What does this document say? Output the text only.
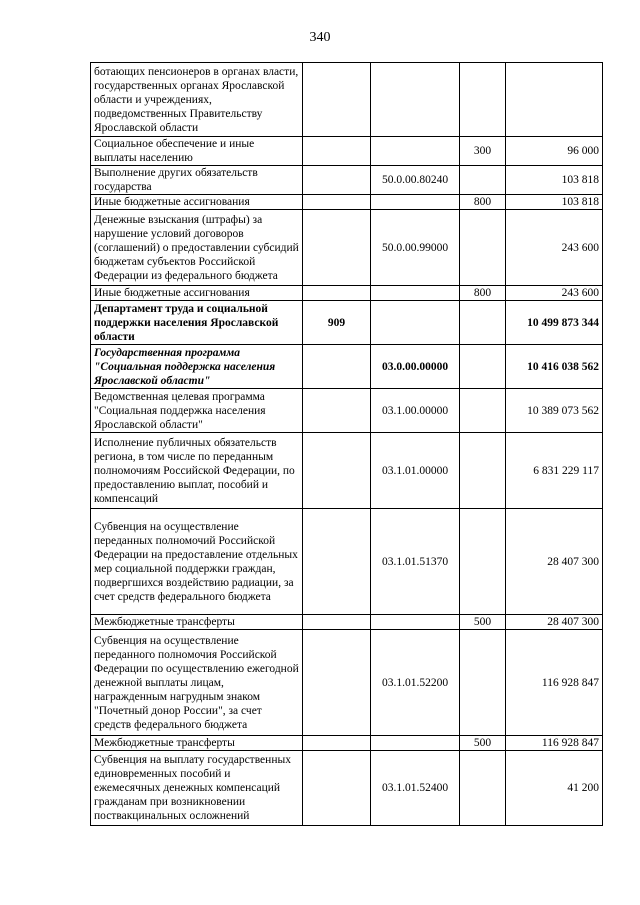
340
ботающих пенсионеров в органах власти, государственных органах Ярославской области и учреждениях, подведомственных Правительству Ярославской области				
Социальное обеспечение и иные выплаты населению			300	96 000
Выполнение других обязательств государства		50.0.00.80240		103 818
Иные бюджетные ассигнования			800	103 818
Денежные взыскания (штрафы) за нарушение условий договоров (соглашений) о предоставлении субсидий бюджетам субъектов Российской Федерации из федерального бюджета		50.0.00.99000		243 600
Иные бюджетные ассигнования			800	243 600
Департамент труда и социальной поддержки населения Ярославской области	909			10 499 873 344
Государственная программа "Социальная поддержка населения Ярославской области"		03.0.00.00000		10 416 038 562
Ведомственная целевая программа "Социальная поддержка населения Ярославской области"		03.1.00.00000		10 389 073 562
Исполнение публичных обязательств региона, в том числе по переданным полномочиям Российской Федерации, по предоставлению выплат, пособий и компенсаций		03.1.01.00000		6 831 229 117
Субвенция на осуществление переданных полномочий Российской Федерации на предоставление отдельных мер социальной поддержки граждан, подвергшихся воздействию радиации, за счет средств федерального бюджета		03.1.01.51370		28 407 300
Межбюджетные трансферты			500	28 407 300
Субвенция на осуществление переданного полномочия Российской Федерации по осуществлению ежегодной денежной выплаты лицам, награжденным нагрудным знаком "Почетный донор России", за счет средств федерального бюджета		03.1.01.52200		116 928 847
Межбюджетные трансферты			500	116 928 847
Субвенция на выплату государственных единовременных пособий и ежемесячных денежных компенсаций гражданам при возникновении поствакцинальных осложнений		03.1.01.52400		41 200
